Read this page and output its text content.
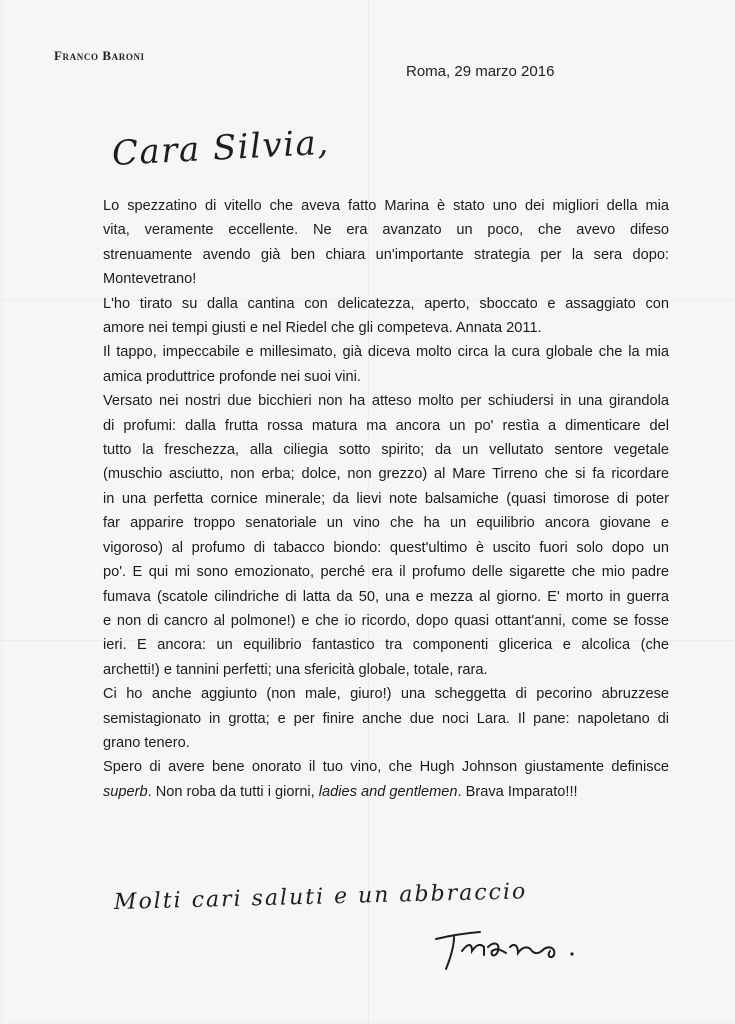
Franco Baroni
Roma, 29 marzo 2016
Cara Silvia,

Lo spezzatino di vitello che aveva fatto Marina è stato uno dei migliori della mia
vita, veramente eccellente. Ne era avanzato un poco, che avevo difeso
strenuamente avendo già ben chiara un'importante strategia per la sera dopo:
Montevetrano!

L'ho tirato su dalla cantina con delicatezza, aperto, sboccato e assaggiato con
amore nei tempi giusti e nel Riedel che gli competeva. Annata 2011.

Il tappo, impeccabile e millesimato, già diceva molto circa la cura globale che la mia
amica produttrice profonde nei suoi vini.

Versato nei nostri due bicchieri non ha atteso molto per schiudersi in una girandola
di profumi: dalla frutta rossa matura ma ancora un po' restìa a dimenticare del
tutto la freschezza, alla ciliegia sotto spirito; da un vellutato sentore vegetale
(muschio asciutto, non erba; dolce, non grezzo) al Mare Tirreno che si fa ricordare
in una perfetta cornice minerale; da lievi note balsamiche (quasi timorose di poter
far apparire troppo senatoriale un vino che ha un equilibrio ancora giovane e
vigoroso) al profumo di tabacco biondo: quest'ultimo è uscito fuori solo dopo un
po'. E qui mi sono emozionato, perché era il profumo delle sigarette che mio padre
fumava (scatole cilindriche di latta da 50, una e mezza al giorno. E' morto in guerra
e non di cancro al polmone!) e che io ricordo, dopo quasi ottant'anni, come se fosse
ieri. E ancora: un equilibrio fantastico tra componenti glicerica e alcolica (che
archetti!) e tannini perfetti; una sfericità globale, totale, rara.

Ci ho anche aggiunto (non male, giuro!) una scheggetta di pecorino abruzzese
semistagionato in grotta; e per finire anche due noci Lara. Il pane: napoletano di
grano tenero.

Spero di avere bene onorato il tuo vino, che Hugh Johnson giustamente definisce
superb. Non roba da tutti i giorni, ladies and gentlemen. Brava Imparato!!!

Molti cari saluti e un abbraccio
